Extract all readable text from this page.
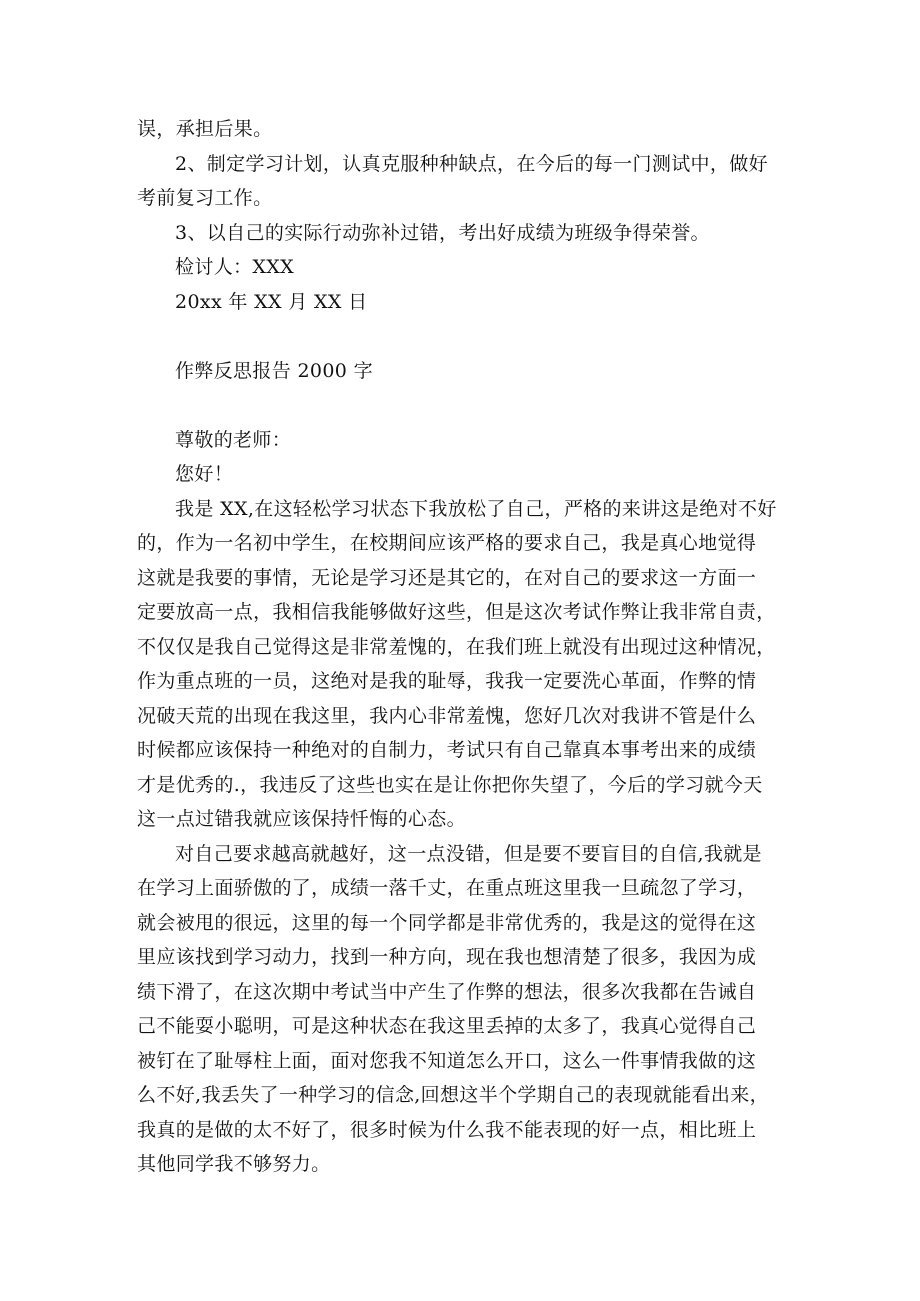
误，承担后果。
2、制定学习计划，认真克服种种缺点，在今后的每一门测试中，做好
考前复习工作。
3、以自己的实际行动弥补过错，考出好成绩为班级争得荣誉。
检讨人：XXX
20xx 年 XX 月 XX 日
作弊反思报告 2000 字
尊敬的老师：
您好！
我是 XX,在这轻松学习状态下我放松了自己，严格的来讲这是绝对不好
的，作为一名初中学生，在校期间应该严格的要求自己，我是真心地觉得
这就是我要的事情，无论是学习还是其它的，在对自己的要求这一方面一
定要放高一点，我相信我能够做好这些，但是这次考试作弊让我非常自责，
不仅仅是我自己觉得这是非常羞愧的，在我们班上就没有出现过这种情况，
作为重点班的一员，这绝对是我的耻辱，我我一定要洗心革面，作弊的情
况破天荒的出现在我这里，我内心非常羞愧，您好几次对我讲不管是什么
时候都应该保持一种绝对的自制力，考试只有自己靠真本事考出来的成绩
才是优秀的.，我违反了这些也实在是让你把你失望了，今后的学习就今天
这一点过错我就应该保持忏悔的心态。
对自己要求越高就越好，这一点没错，但是要不要盲目的自信,我就是
在学习上面骄傲的了，成绩一落千丈，在重点班这里我一旦疏忽了学习，
就会被甩的很远，这里的每一个同学都是非常优秀的，我是这的觉得在这
里应该找到学习动力，找到一种方向，现在我也想清楚了很多，我因为成
绩下滑了，在这次期中考试当中产生了作弊的想法，很多次我都在告诫自
己不能耍小聪明，可是这种状态在我这里丢掉的太多了，我真心觉得自己
被钉在了耻辱柱上面，面对您我不知道怎么开口，这么一件事情我做的这
么不好,我丢失了一种学习的信念,回想这半个学期自己的表现就能看出来，
我真的是做的太不好了，很多时候为什么我不能表现的好一点，相比班上
其他同学我不够努力。
